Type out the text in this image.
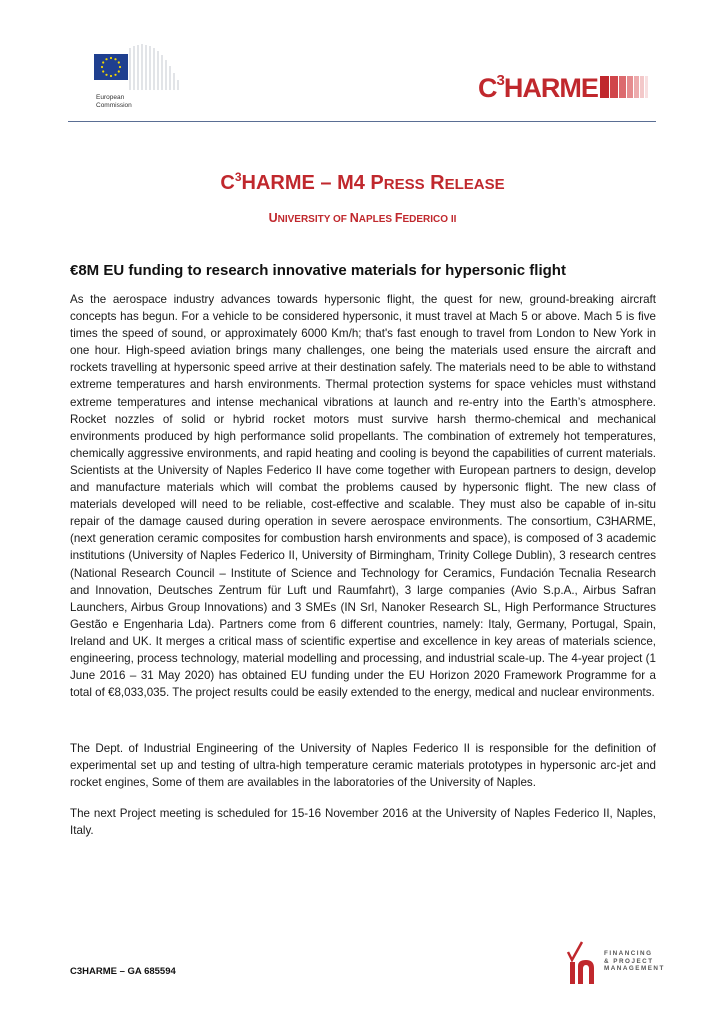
European
Commission
$C^3HARME$
$C^3HARME - M4$ PRESS RELEASE
UNIVERSITY OF NAPLES FEDERICO II
€8M EU funding to research innovative materials for hypersonic flight

As the aerospace industry advances towards hypersonic flight, the quest for new, ground-breaking aircraft concepts has begun. For a vehicle to be considered hypersonic, it must travel at Mach 5 or above. Mach 5 is five times the speed of sound, or approximately 6000 Km/h; that's fast enough to travel from London to New York in one hour. High-speed aviation brings many challenges, one being the materials used ensure the aircraft and rockets travelling at hypersonic speed arrive at their destination safely. The materials need to be able to withstand extreme temperatures and harsh environments. Thermal protection systems for space vehicles must withstand extreme temperatures and intense mechanical vibrations at launch and re-entry into the Earth’s atmosphere. Rocket nozzles of solid or hybrid rocket motors must survive harsh thermo-chemical and mechanical environments produced by high performance solid propellants. The combination of extremely hot temperatures, chemically aggressive environments, and rapid heating and cooling is beyond the capabilities of current materials. Scientists at the University of Naples Federico II have come together with European partners to design, develop and manufacture materials which will combat the problems caused by hypersonic flight. The new class of materials developed will need to be reliable, cost-effective and scalable. They must also be capable of in-situ repair of the damage caused during operation in severe aerospace environments. The consortium, C3HARME, (next generation ceramic composites for combustion harsh environments and space), is composed of 3 academic institutions (University of Naples Federico II, University of Birmingham, Trinity College Dublin), 3 research centres (National Research Council – Institute of Science and Technology for Ceramics, Fundación Tecnalia Research and Innovation, Deutsches Zentrum für Luft und Raumfahrt), 3 large companies (Avio S.p.A., Airbus Safran Launchers, Airbus Group Innovations) and 3 SMEs (IN Srl, Nanoker Research SL, High Performance Structures Gestão e Engenharia Lda). Partners come from 6 different countries, namely: Italy, Germany, Portugal, Spain, Ireland and UK. It merges a critical mass of scientific expertise and excellence in key areas of materials science, engineering, process technology, material modelling and processing, and industrial scale-up. The 4-year project (1 June 2016 – 31 May 2020) has obtained EU funding under the EU Horizon 2020 Framework Programme for a total of €8,033,035. The project results could be easily extended to the energy, medical and nuclear environments.

The Dept. of Industrial Engineering of the University of Naples Federico II is responsible for the definition of experimental set up and testing of ultra-high temperature ceramic materials prototypes in hypersonic arc-jet and rocket engines, Some of them are availables in the laboratories of the University of Naples.

The next Project meeting is scheduled for 15-16 November 2016 at the University of Naples Federico II, Naples, Italy.

C3HARME – GA 685594
FINANCING
& PROJECT
MANAGEMENT
